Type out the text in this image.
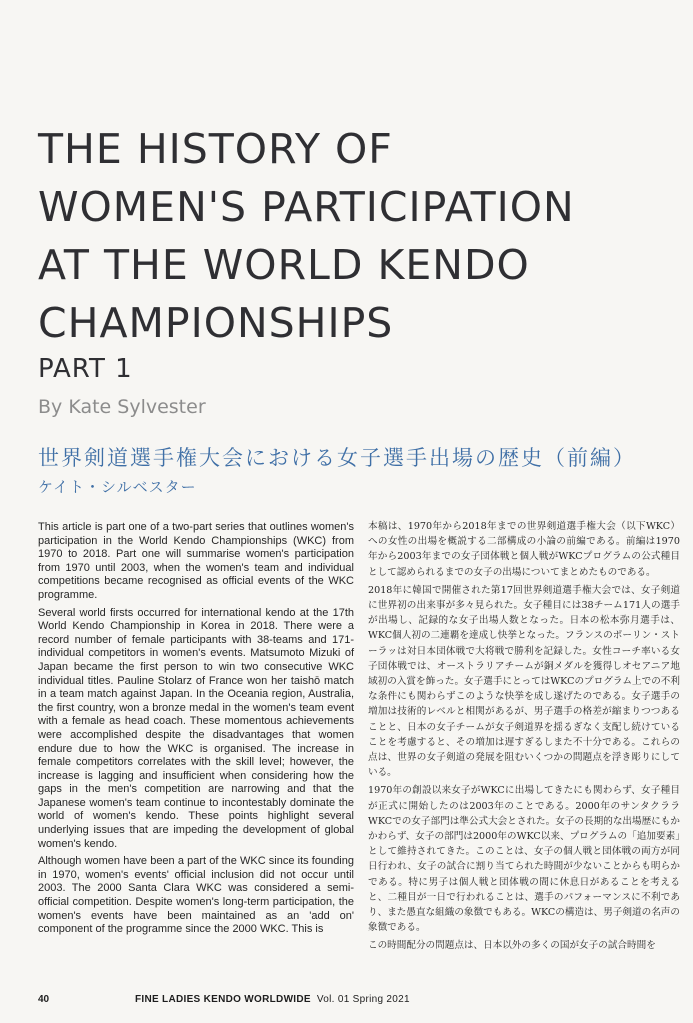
THE HISTORY OF
WOMEN'S PARTICIPATION
AT THE WORLD KENDO
CHAMPIONSHIPS
PART 1
By Kate Sylvester
世界剣道選手権大会における女子選手出場の歴史（前編）
ケイト・シルベスター

This article is part one of a two-part series that outlines women's participation in the World Kendo Championships (WKC) from 1970 to 2018. Part one will summarise women's participation from 1970 until 2003, when the women's team and individual competitions became recognised as official events of the WKC programme.

Several world firsts occurred for international kendo at the 17th World Kendo Championship in Korea in 2018. There were a record number of female participants with 38-teams and 171-individual competitors in women's events. Matsumoto Mizuki of Japan became the first person to win two consecutive WKC individual titles. Pauline Stolarz of France won her taishō match in a team match against Japan. In the Oceania region, Australia, the first country, won a bronze medal in the women's team event with a female as head coach. These momentous achievements were accomplished despite the disadvantages that women endure due to how the WKC is organised. The increase in female competitors correlates with the skill level; however, the increase is lagging and insufficient when considering how the gaps in the men's competition are narrowing and that the Japanese women's team continue to incontestably dominate the world of women's kendo. These points highlight several underlying issues that are impeding the development of global women's kendo.

Although women have been a part of the WKC since its founding in 1970, women's events' official inclusion did not occur until 2003. The 2000 Santa Clara WKC was considered a semi-official competition. Despite women's long-term participation, the women's events have been maintained as an 'add on' component of the programme since the 2000 WKC. This is

本稿は、1970年から2018年までの世界剣道選手権大会（以下WKC）への女性の出場を概説する二部構成の小論の前編である。前編は1970年から2003年までの女子団体戦と個人戦がWKCプログラムの公式種目として認められるまでの女子の出場についてまとめたものである。

2018年に韓国で開催された第17回世界剣道選手権大会では、女子剣道に世界初の出来事が多々見られた。女子種目には38チーム171人の選手が出場し、記録的な女子出場人数となった。日本の松本弥月選手は、WKC個人初の二連覇を達成し快挙となった。フランスのポーリン・ストーラッは対日本団体戦で大将戦で勝利を記録した。女性コーチ率いる女子団体戦では、オーストラリアチームが銅メダルを獲得しオセアニア地域初の入賞を飾った。女子選手にとってはWKCのプログラム上での不利な条件にも関わらずこのような快挙を成し遂げたのである。女子選手の増加は技術的レベルと相関があるが、男子選手の格差が縮まりつつあることと、日本の女子チームが女子剣道界を揺るぎなく支配し続けていることを考慮すると、その増加は遅すぎるしまた不十分である。これらの点は、世界の女子剣道の発展を阻むいくつかの問題点を浮き彫りにしている。

1970年の創設以来女子がWKCに出場してきたにも関わらず、女子種目が正式に開始したのは2003年のことである。2000年のサンタクララWKCでの女子部門は準公式大会とされた。女子の長期的な出場歴にもかかわらず、女子の部門は2000年のWKC以来、プログラムの「追加要素」として維持されてきた。このことは、女子の個人戦と団体戦の両方が同日行われ、女子の試合に割り当てられた時間が少ないことからも明らかである。特に男子は個人戦と団体戦の間に休息日があることを考えると、二種目が一日で行われることは、選手のパフォーマンスに不利であり、また愚直な組織の象徴でもある。WKCの構造は、男子剣道の名声の象徴である。

この時間配分の問題点は、日本以外の多くの国が女子の試合時間を

40	FINE LADIES KENDO WORLDWIDE Vol. 01 Spring 2021
